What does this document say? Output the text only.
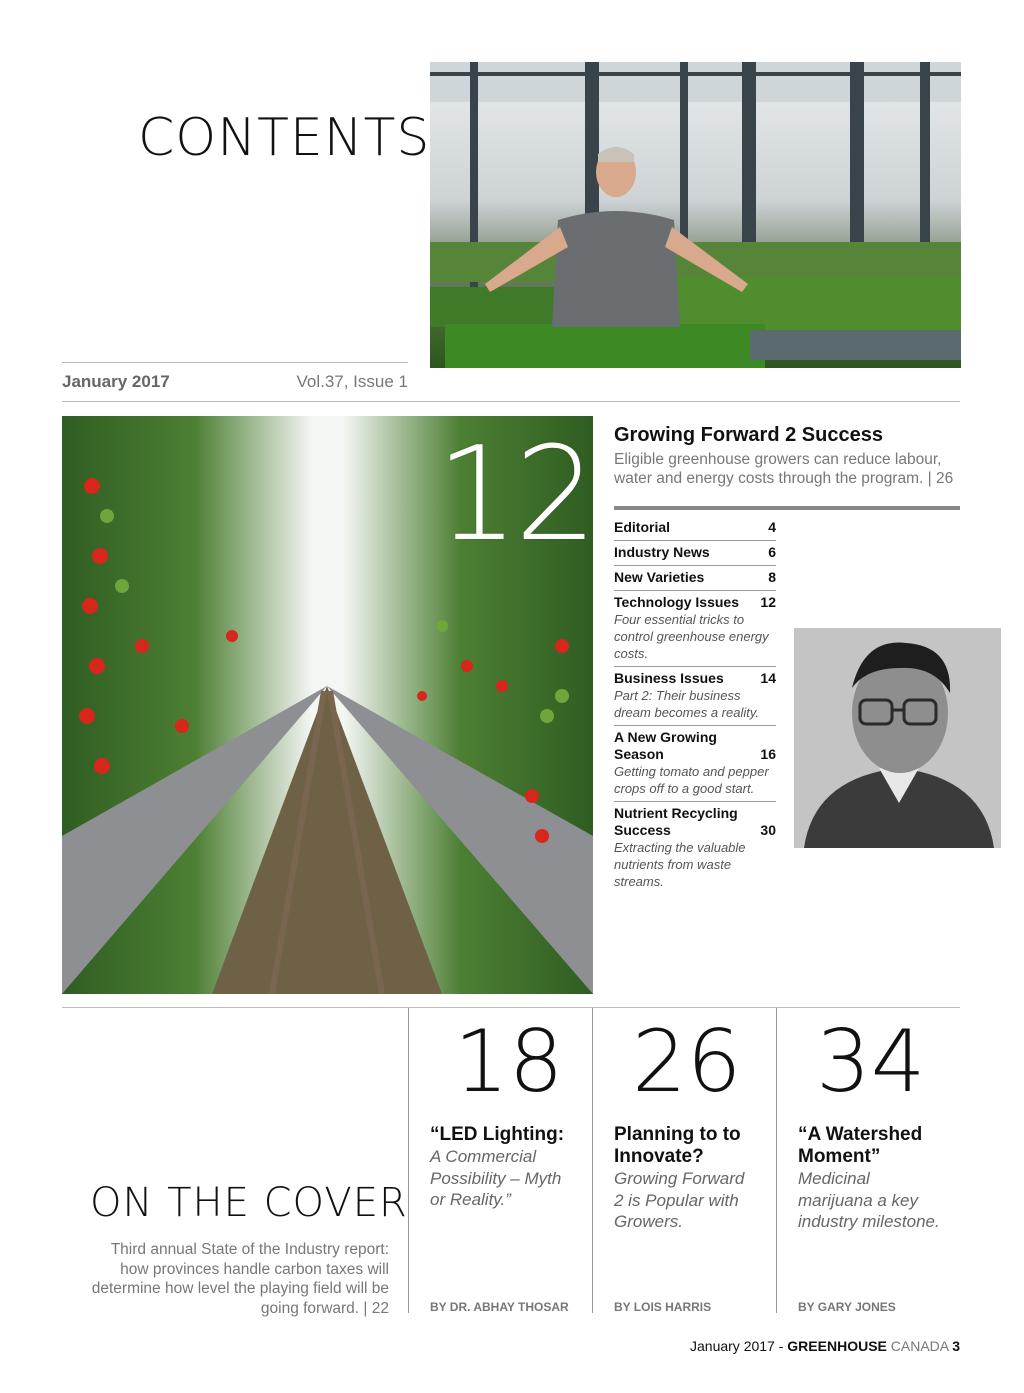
CONTENTS
January 2017	Vol.37, Issue 1
12 Growing Forward 2 Success
Eligible greenhouse growers can reduce labour, water and energy costs through the program. | 26
Editorial	4
Industry News	6
New Varieties	8
Technology Issues 12
Four essential tricks to control greenhouse energy costs.
Business Issues	14
Part 2: Their business dream becomes a reality.
A New Growing Season	16
Getting tomato and pepper crops off to a good start.
Nutrient Recycling Success	30
Extracting the valuable nutrients from waste streams.
18
“LED Lighting:
A Commercial Possibility – Myth or Reality.”
BY DR. ABHAY THOSAR
26
Planning to to Innovate?
Growing Forward 2 is Popular with Growers.
BY LOIS HARRIS
34
“A Watershed Moment”
Medicinal marijuana a key industry milestone.
BY GARY JONES
ON THE COVER
Third annual State of the Industry report: how provinces handle carbon taxes will determine how level the playing field will be going forward. | 22
January 2017 - GREENHOUSE CANADA 3
